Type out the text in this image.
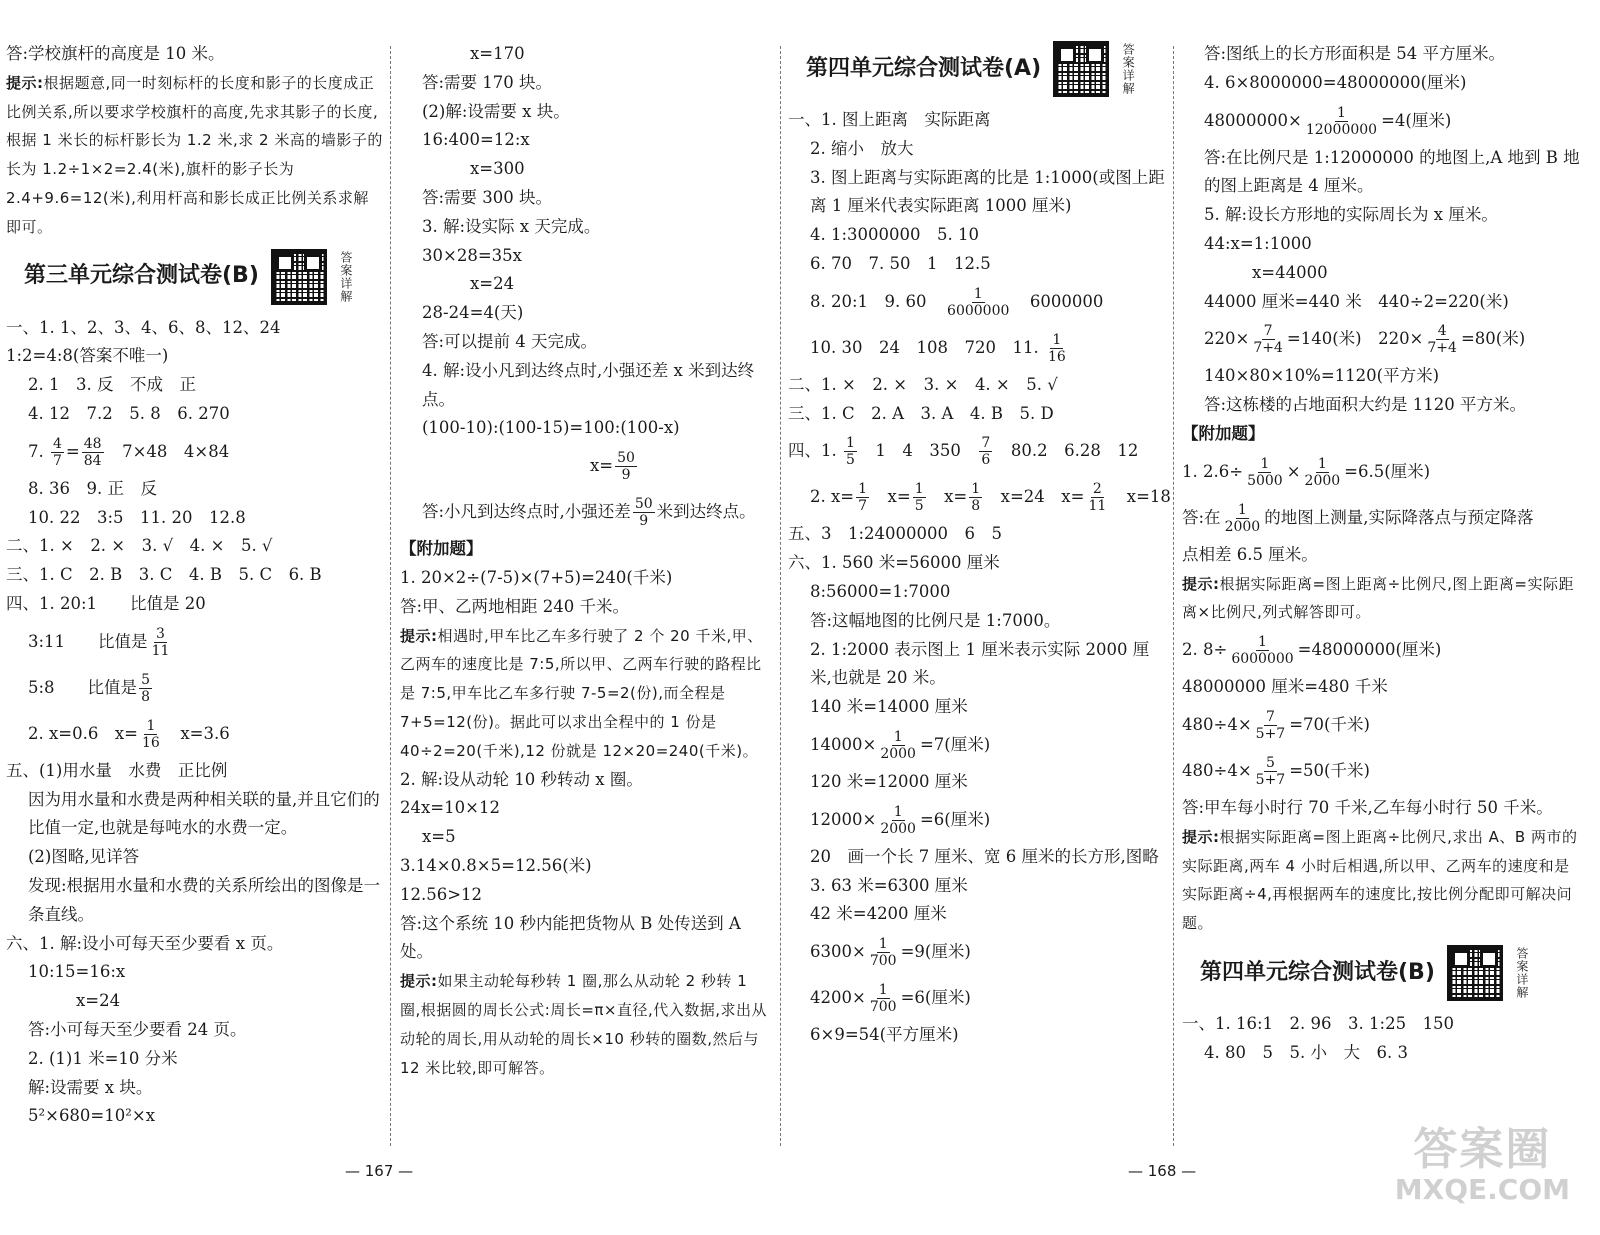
答:学校旗杆的高度是 10 米。
提示:根据题意,同一时刻标杆的长度和影子的长度成正比例关系,所以要求学校旗杆的高度,先求其影子的长度,根据 1 米长的标杆影长为 1.2 米,求 2 米高的墙影子的长为 1.2÷1×2=2.4(米),旗杆的影子长为 2.4+9.6=12(米),利用杆高和影长成正比例关系求解即可。
第三单元综合测试卷(B)	答案详解
一、1. 1、2、3、4、6、8、12、24　1:2=4:8(答案不唯一)
2. 1　3. 反　不成　正
4. 12　7.2　5. 8　6. 270
7. $\frac{4}{7} = \frac{48}{84}$ 　7×48　4×84
8. 36　9. 正　反
10. 22　3:5　11. 20　12.8
二、1. ×　2. ×　3. √　4. ×　5. √
三、1. C　2. B　3. C　4. B　5. C　6. B
四、1. 20:1　　比值是 20
3:11　　比值是 $\frac{3}{11}$
5:8　　比值是 $\frac{5}{8}$
2. x=0.6　$x= \frac{1}{16}$ 　x=3.6
五、(1)用水量　水费　正比例
因为用水量和水费是两种相关联的量,并且它们的比值一定,也就是每吨水的水费一定。
(2)图略,见详答
发现:根据用水量和水费的关系所绘出的图像是一条直线。
六、1. 解:设小可每天至少要看 x 页。
10:15=16:x
x=24
答:小可每天至少要看 24 页。
2. (1)1 米=10 分米
解:设需要 x 块。
5²×680=10²×x
x=170
答:需要 170 块。
(2)解:设需要 x 块。
16:400=12:x
x=300
答:需要 300 块。
3. 解:设实际 x 天完成。
30×28=35x
x=24
28-24=4(天)
答:可以提前 4 天完成。
4. 解:设小凡到达终点时,小强还差 x 米到达终点。
(100-10):(100-15)=100:(100-x)
$x= \frac{50}{9}$
答:小凡到达终点时,小强还差 $\frac{50}{9}$ 米到达终点。
【附加题】
1. 20×2÷(7-5)×(7+5)=240(千米)
答:甲、乙两地相距 240 千米。
提示:相遇时,甲车比乙车多行驶了 2 个 20 千米,甲、乙两车的速度比是 7:5,所以甲、乙两车行驶的路程比是 7:5,甲车比乙车多行驶 7-5=2(份),而全程是 7+5=12(份)。据此可以求出全程中的 1 份是 40÷2=20(千米),12 份就是 12×20=240(千米)。
2. 解:设从动轮 10 秒转动 x 圈。
24x=10×12
x=5
3.14×0.8×5=12.56(米)
12.56>12
答:这个系统 10 秒内能把货物从 B 处传送到 A 处。
提示:如果主动轮每秒转 1 圈,那么从动轮 2 秒转 1 圈,根据圆的周长公式:周长=π×直径,代入数据,求出从动轮的周长,用从动轮的周长×10 秒转的圈数,然后与 12 米比较,即可解答。
第四单元综合测试卷(A)	答案详解
一、1. 图上距离　实际距离
2. 缩小　放大
3. 图上距离与实际距离的比是 1:1000(或图上距离 1 厘米代表实际距离 1000 厘米)
4. 1:3000000　5. 10
6. 70　7. 50　1　12.5
8. 20:1　9. 60　 $\frac{1}{6000000}$ 　6000000
10. 30　24　108　720　11. $\frac{1}{16}$
二、1. ×　2. ×　3. ×　4. ×　5. √
三、1. C　2. A　3. A　4. B　5. D
四、1. $\frac{1}{5}$ 　1　4　350　 $\frac{7}{6}$ 　80.2　6.28　12
2. $x= \frac{1}{7}$ 　$x= \frac{1}{5}$ 　$x= \frac{1}{8}$ 　x=24　$x= \frac{2}{11}$ 　x=18
五、3　1:24000000　6　5
六、1. 560 米=56000 厘米
8:56000=1:7000
答:这幅地图的比例尺是 1:7000。
2. 1:2000 表示图上 1 厘米表示实际 2000 厘米,也就是 20 米。
140 米=14000 厘米
$14000\times \frac{1}{2000} =7$(厘米)
120 米=12000 厘米
$12000\times \frac{1}{2000} =6$(厘米)
20　画一个长 7 厘米、宽 6 厘米的长方形,图略
3. 63 米=6300 厘米
42 米=4200 厘米
$6300\times \frac{1}{700} =9$(厘米)
$4200\times \frac{1}{700} =6$(厘米)
6×9=54(平方厘米)
答:图纸上的长方形面积是 54 平方厘米。
4. 6×8000000=48000000(厘米)
$48000000\times \frac{1}{12000000} =4$(厘米)
答:在比例尺是 1:12000000 的地图上,A 地到 B 地的图上距离是 4 厘米。
5. 解:设长方形地的实际周长为 x 厘米。
44:x=1:1000
x=44000
44000 厘米=440 米　440÷2=220(米)
$220\times \frac{7}{7+4} =140$(米)　$220\times \frac{4}{7+4} =80$(米)
140×80×10%=1120(平方米)
答:这栋楼的占地面积大约是 1120 平方米。
【附加题】
1. $2.6\div \frac{1}{5000} \times \frac{1}{2000} =6.5$(厘米)
答:在 $\frac{1}{2000}$ 的地图上测量,实际降落点与预定降落
点相差 6.5 厘米。
提示:根据实际距离=图上距离÷比例尺,图上距离=实际距离×比例尺,列式解答即可。
2. $8\div \frac{1}{6000000} =48000000$(厘米)
48000000 厘米=480 千米
$480\div 4\times \frac{7}{5+7} =70$(千米)
$480\div 4\times \frac{5}{5+7} =50$(千米)
答:甲车每小时行 70 千米,乙车每小时行 50 千米。
提示:根据实际距离=图上距离÷比例尺,求出 A、B 两市的实际距离,两车 4 小时后相遇,所以甲、乙两车的速度和是实际距离÷4,再根据两车的速度比,按比例分配即可解决问题。
第四单元综合测试卷(B)	答案详解
一、1. 16:1　2. 96　3. 1:25　150
4. 80　5　5. 小　大　6. 3
— 167 —	— 168 —	答案圈
MXQE.COM
